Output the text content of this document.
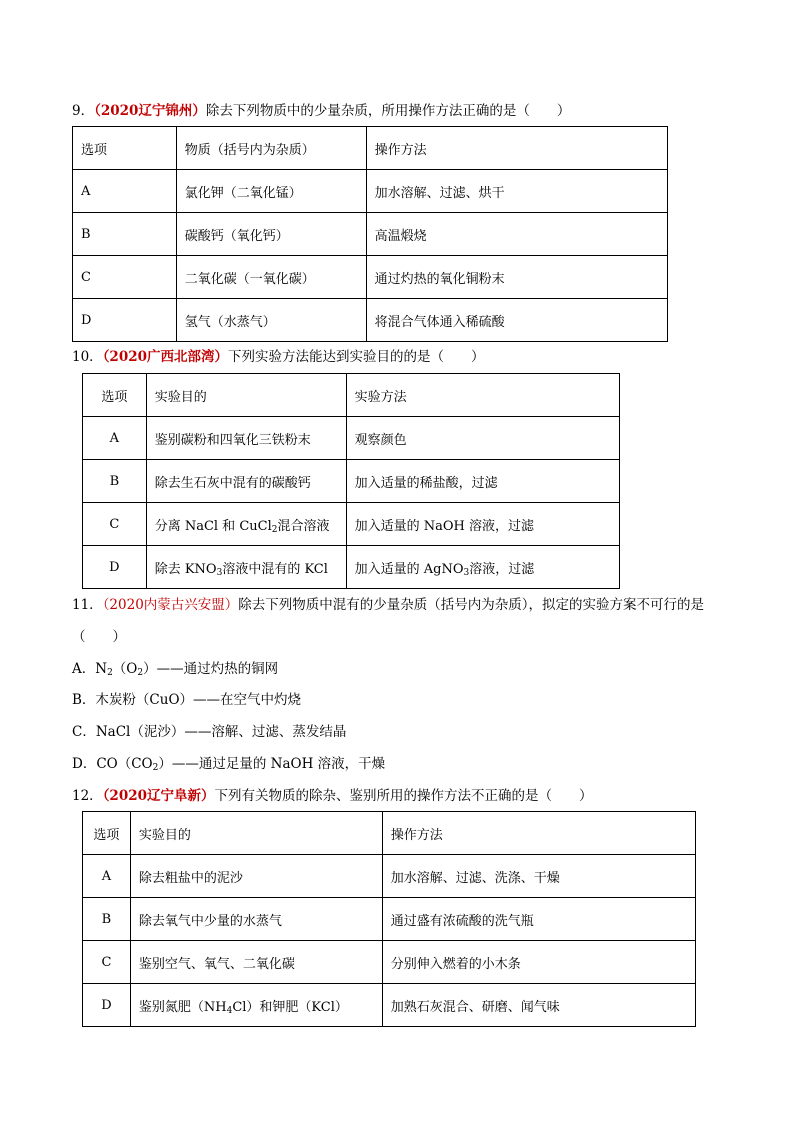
9．（2020辽宁锦州）除去下列物质中的少量杂质，所用操作方法正确的是（　　）
选项	物质（括号内为杂质）	操作方法
A	氯化钾（二氧化锰）	加水溶解、过滤、烘干
B	碳酸钙（氧化钙）	高温煅烧
C	二氧化碳（一氧化碳）	通过灼热的氧化铜粉末
D	氢气（水蒸气）	将混合气体通入稀硫酸
10．（2020广西北部湾）下列实验方法能达到实验目的的是（　　）
选项	实验目的	实验方法
A	鉴别碳粉和四氧化三铁粉末	观察颜色
B	除去生石灰中混有的碳酸钙	加入适量的稀盐酸，过滤
C	分离 NaCl 和 CuCl$_2$混合溶液	加入适量的 NaOH 溶液，过滤
D	除去 $KNO_3$溶液中混有的 KCl	加入适量的 AgNO$_3$溶液，过滤
11．（2020内蒙古兴安盟）除去下列物质中混有的少量杂质（括号内为杂质），拟定的实验方案不可行的是
（　　）
A．$N_2(O_2)——$通过灼热的铜网
B．木炭粉（CuO）——在空气中灼烧
C．NaCl（泥沙）——溶解、过滤、蒸发结晶
D．$CO(CO_2)——$通过足量的 NaOH 溶液，干燥
12．（2020辽宁阜新）下列有关物质的除杂、鉴别所用的操作方法不正确的是（　　）
选项	实验目的	操作方法
A	除去粗盐中的泥沙	加水溶解、过滤、洗涤、干燥
B	除去氧气中少量的水蒸气	通过盛有浓硫酸的洗气瓶
C	鉴别空气、氧气、二氧化碳	分别伸入燃着的小木条
D	鉴别氮肥$(NH_4Cl)$和钾肥（KCl）	加熟石灰混合、研磨、闻气味
